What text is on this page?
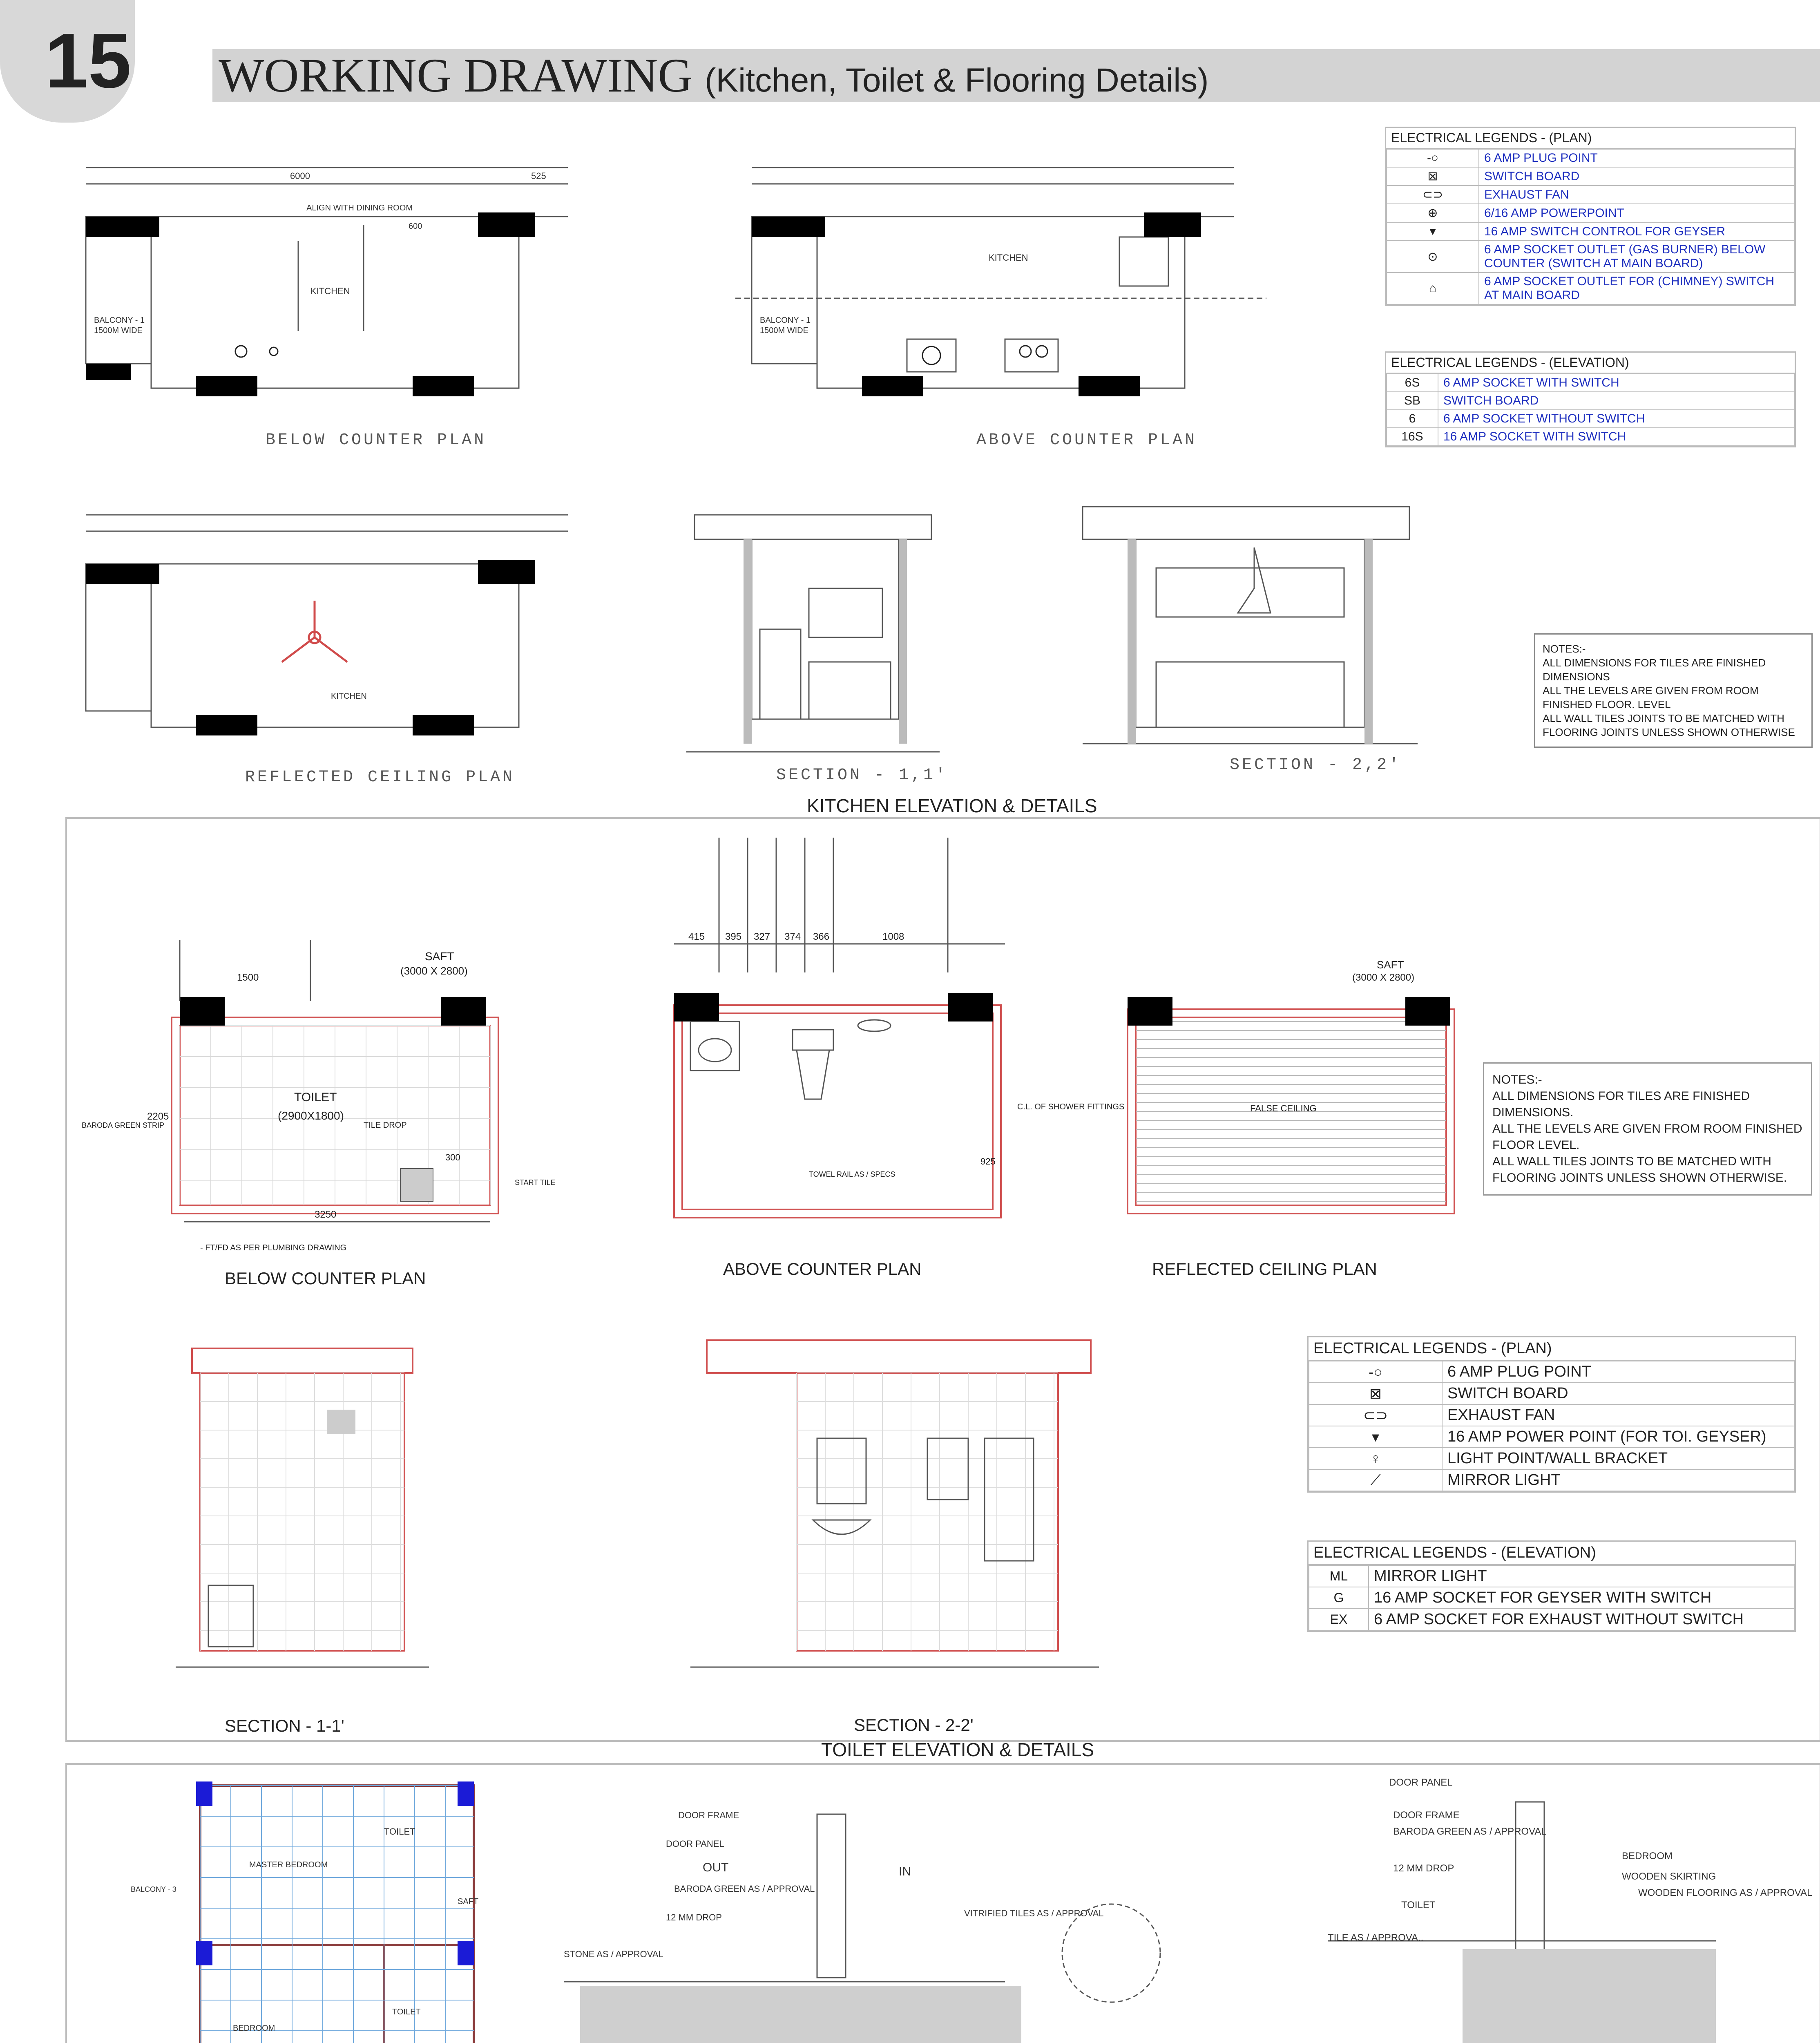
15 WORKING DRAWING (Kitchen, Toilet & Flooring Details)
ALIGN WITH DINING ROOM
6000	525
600
KITCHEN
BALCONY - 1
1500M WIDE
BELOW COUNTER PLAN
KITCHEN
BALCONY - 1
1500M WIDE
ABOVE COUNTER PLAN
ELECTRICAL LEGENDS - (PLAN)
-○	6 AMP PLUG POINT
⊠	SWITCH BOARD
⊂⊃	EXHAUST FAN
⊕	6/16 AMP POWERPOINT
▾	16 AMP SWITCH CONTROL FOR GEYSER
⊙	6 AMP SOCKET OUTLET (GAS BURNER) BELOW COUNTER (SWITCH AT MAIN BOARD)
⌂	6 AMP SOCKET OUTLET FOR (CHIMNEY) SWITCH AT MAIN BOARD
ELECTRICAL LEGENDS - (ELEVATION)
6S	6 AMP SOCKET WITH SWITCH
SB	SWITCH BOARD
6	6 AMP SOCKET WITHOUT SWITCH
16S	16 AMP SOCKET WITH SWITCH
KITCHEN
REFLECTED CEILING PLAN	SECTION - 1,1'
SECTION - 2,2'
NOTES:-
ALL DIMENSIONS FOR TILES ARE FINISHED DIMENSIONS
ALL THE LEVELS ARE GIVEN FROM ROOM FINISHED FLOOR. LEVEL
ALL WALL TILES JOINTS TO BE MATCHED WITH FLOORING JOINTS UNLESS SHOWN OTHERWISE
KITCHEN ELEVATION & DETAILS
TOILET
(2900X1800)
SAFT
(3000 X 2800)
1500
3250
2205
BARODA GREEN STRIP
300
START TILE
- FT/FD AS PER PLUMBING DRAWING
TILE DROP
BELOW COUNTER PLAN
415 395 327 374 366	1008
C.L. OF SHOWER FITTINGS
TOWEL RAIL AS / SPECS
925
ABOVE COUNTER PLAN
FALSE CEILING
SAFT
(3000 X 2800)
REFLECTED CEILING PLAN
NOTES:-
ALL DIMENSIONS FOR TILES ARE FINISHED DIMENSIONS.
ALL THE LEVELS ARE GIVEN FROM ROOM FINISHED FLOOR LEVEL.
ALL WALL TILES JOINTS TO BE MATCHED WITH FLOORING JOINTS UNLESS SHOWN OTHERWISE.
SECTION - 1-1'	SECTION - 2-2'
ELECTRICAL LEGENDS - (PLAN)
-○	6 AMP PLUG POINT
⊠	SWITCH BOARD
⊂⊃	EXHAUST FAN
▾	16 AMP POWER POINT (FOR TOI. GEYSER)
♀	LIGHT POINT/WALL BRACKET
⟋	MIRROR LIGHT
ELECTRICAL LEGENDS - (ELEVATION)
ML	MIRROR LIGHT
G	16 AMP SOCKET FOR GEYSER WITH SWITCH
EX	6 AMP SOCKET FOR EXHAUST WITHOUT SWITCH
TOILET ELEVATION & DETAILS
MASTER BEDROOM
TOILET
SAFT
BEDROOM
TOILET
BALCONY - 3
DOOR FRAME
DOOR PANEL
OUT
BARODA GREEN AS / APPROVAL
12 MM DROP
IN
VITRIFIED TILES AS / APPROVAL
STONE AS / APPROVAL
DOOR PANEL
DOOR FRAME
BARODA GREEN AS / APPROVAL
12 MM DROP
TOILET
BEDROOM
WOODEN SKIRTING
WOODEN FLOORING AS / APPROVAL
TILE AS / APPROVA..
